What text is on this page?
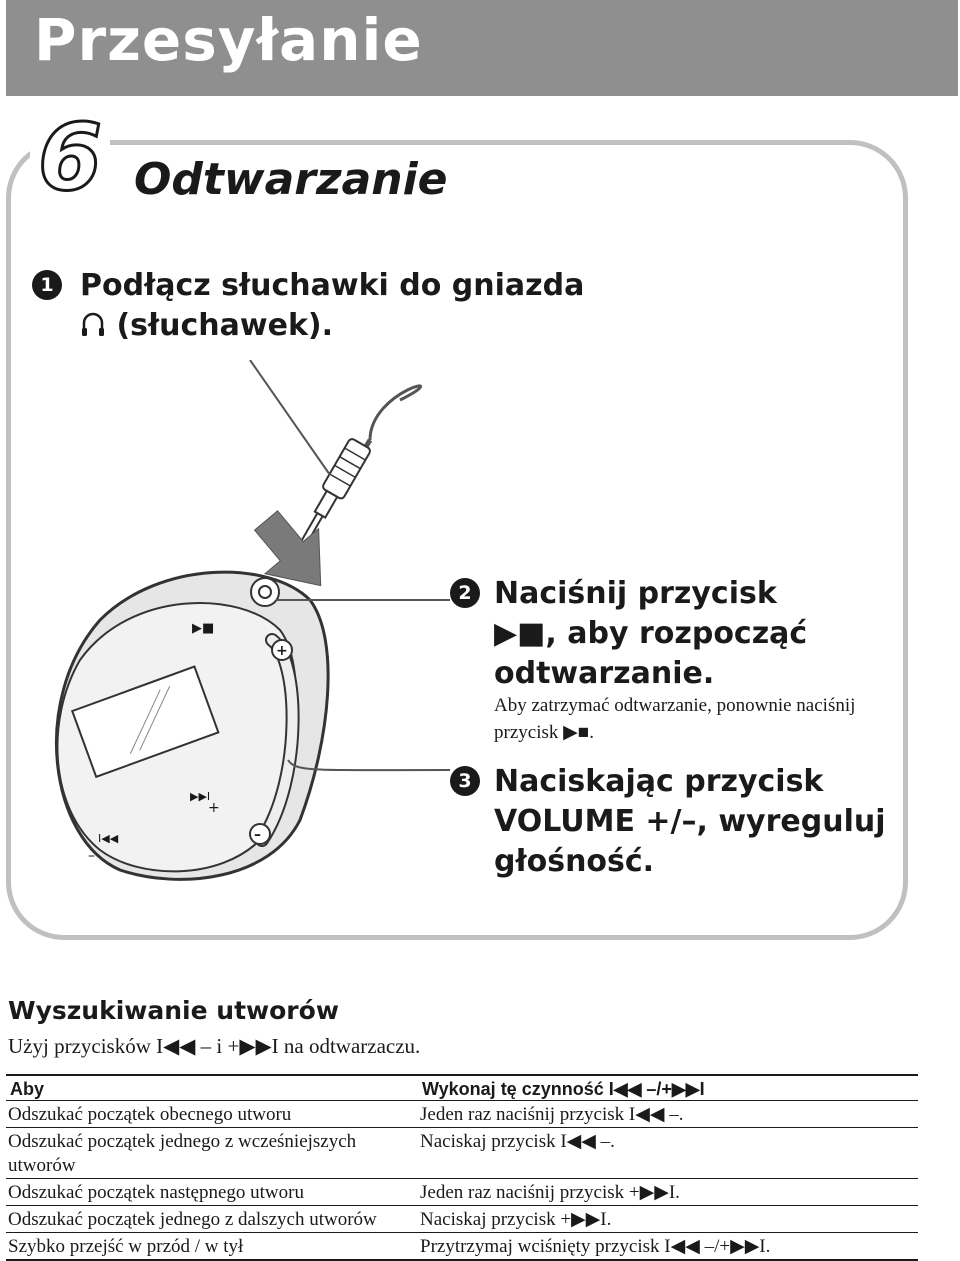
Przesyłanie
6 Odtwarzanie
1 Podłącz słuchawki do gniazda
(słuchawek).
▶■
▶▶I
I◀◀
+
–
+
–
2 Naciśnij przycisk
▶■, aby rozpocząć
odtwarzanie.
Aby zatrzymać odtwarzanie, ponownie naciśnij
przycisk ▶■.
3 Naciskając przycisk
VOLUME +/–, wyreguluj
głośność.
Wyszukiwanie utworów
Użyj przycisków I◀◀ – i +▶▶I na odtwarzaczu.
Aby	Wykonaj tę czynność I◀◀ –/+▶▶I
Odszukać początek obecnego utworu	Jeden raz naciśnij przycisk I◀◀ –.
Odszukać początek jednego z wcześniejszych utworów	Naciskaj przycisk I◀◀ –.
Odszukać początek następnego utworu	Jeden raz naciśnij przycisk +▶▶I.
Odszukać początek jednego z dalszych utworów	Naciskaj przycisk +▶▶I.
Szybko przejść w przód / w tył	Przytrzymaj wciśnięty przycisk I◀◀ –/+▶▶I.
